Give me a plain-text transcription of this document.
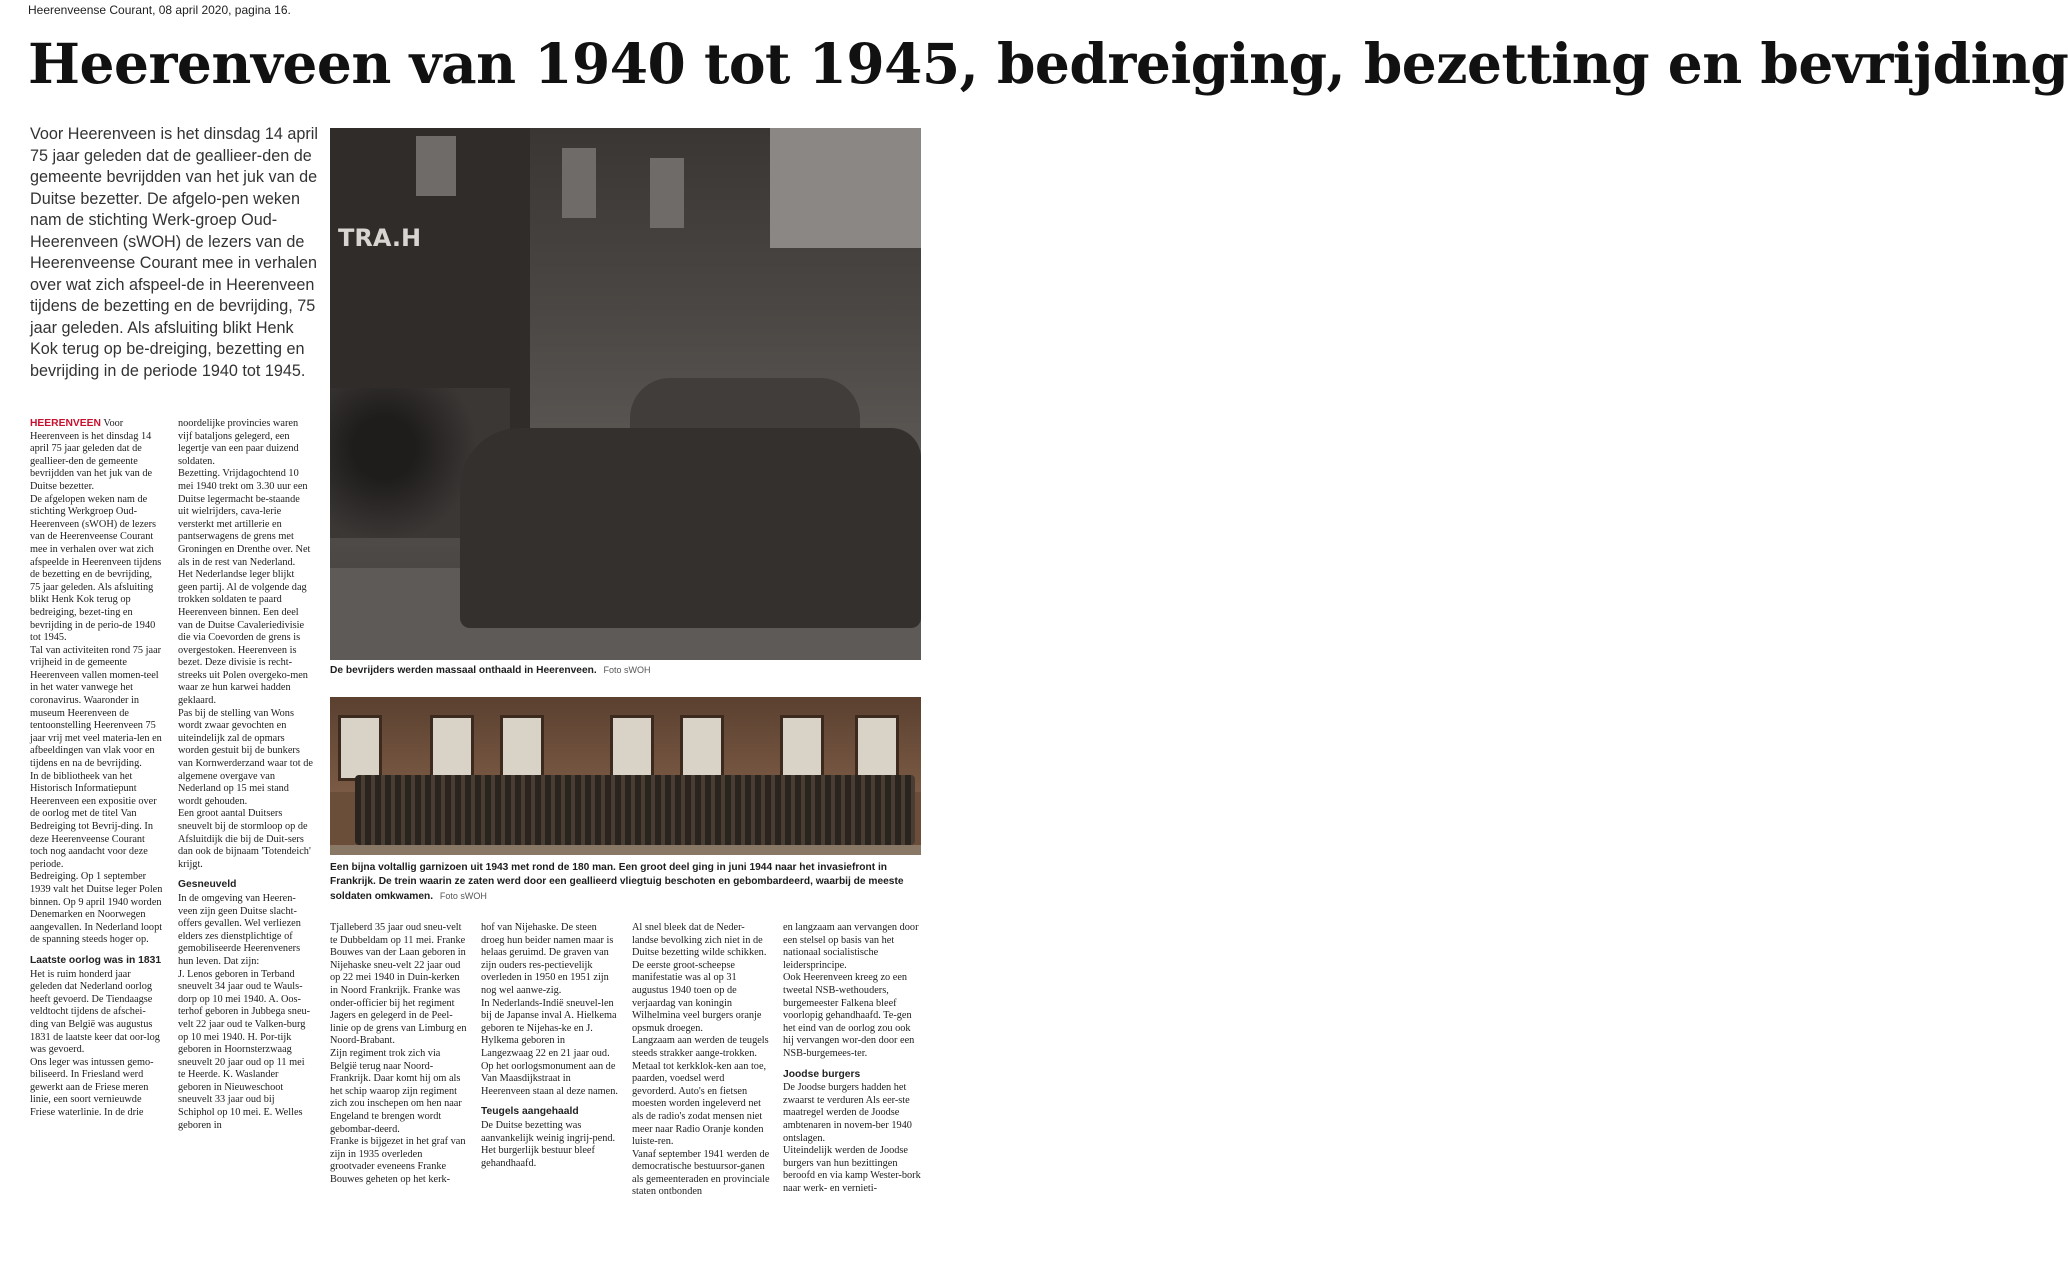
Heerenveense Courant, 08 april 2020, pagina 16.
Heerenveen van 1940 tot 1945, bedreiging, bezetting en bevrijding

Voor Heerenveen is het dinsdag 14 april 75 jaar geleden dat de geallieer-den de gemeente bevrijdden van het juk van de Duitse bezetter. De afgelo-pen weken nam de stichting Werk-groep Oud-Heerenveen (sWOH) de lezers van de Heerenveense Courant mee in verhalen over wat zich afspeel-de in Heerenveen tijdens de bezetting en de bevrijding, 75 jaar geleden. Als afsluiting blikt Henk Kok terug op be-dreiging, bezetting en bevrijding in de periode 1940 tot 1945.

TRA.H
De bevrijders werden massaal onthaald in Heerenveen. Foto sWOH

Een bijna voltallig garnizoen uit 1943 met rond de 180 man. Een groot deel ging in juni 1944 naar het invasiefront in Frankrijk. De trein waarin ze zaten werd door een geallieerd vliegtuig beschoten en gebombardeerd, waarbij de meeste soldaten omkwamen. Foto sWOH

HEERENVEEN Voor Heerenveen is het dinsdag 14 april 75 jaar geleden dat de geallieer-den de gemeente bevrijdden van het juk van de Duitse bezetter.

De afgelopen weken nam de stichting Werkgroep Oud-Heerenveen (sWOH) de lezers van de Heerenveense Courant mee in verhalen over wat zich afspeelde in Heerenveen tijdens de bezetting en de bevrijding, 75 jaar geleden. Als afsluiting blikt Henk Kok terug op bedreiging, bezet-ting en bevrijding in de perio-de 1940 tot 1945.

Tal van activiteiten rond 75 jaar vrijheid in de gemeente Heerenveen vallen momen-teel in het water vanwege het coronavirus. Waaronder in museum Heerenveen de tentoonstelling Heerenveen 75 jaar vrij met veel materia-len en afbeeldingen van vlak voor en tijdens en na de bevrijding.

In de bibliotheek van het Historisch Informatiepunt Heerenveen een expositie over de oorlog met de titel Van Bedreiging tot Bevrij-ding. In deze Heerenveense Courant toch nog aandacht voor deze periode.

Bedreiging. Op 1 september 1939 valt het Duitse leger Polen binnen. Op 9 april 1940 worden Denemarken en Noorwegen aangevallen. In Nederland loopt de spanning steeds hoger op.

Laatste oorlog was in 1831

Het is ruim honderd jaar geleden dat Nederland oorlog heeft gevoerd. De Tiendaagse veldtocht tijdens de afschei-ding van België was augustus 1831 de laatste keer dat oor-log was gevoerd.

Ons leger was intussen gemo-biliseerd. In Friesland werd gewerkt aan de Friese meren linie, een soort vernieuwde Friese waterlinie. In de drie

noordelijke provincies waren vijf bataljons gelegerd, een legertje van een paar duizend soldaten.

Bezetting. Vrijdagochtend 10 mei 1940 trekt om 3.30 uur een Duitse legermacht be-staande uit wielrijders, cava-lerie versterkt met artillerie en pantserwagens de grens met Groningen en Drenthe over. Net als in de rest van Nederland.

Het Nederlandse leger blijkt geen partij. Al de volgende dag trokken soldaten te paard Heerenveen binnen. Een deel van de Duitse Cavaleriedivisie die via Coevorden de grens is overgestoken. Heerenveen is bezet. Deze divisie is recht-streeks uit Polen overgeko-men waar ze hun karwei hadden geklaard.

Pas bij de stelling van Wons wordt zwaar gevochten en uiteindelijk zal de opmars worden gestuit bij de bunkers van Kornwerderzand waar tot de algemene overgave van Nederland op 15 mei stand wordt gehouden.

Een groot aantal Duitsers sneuvelt bij de stormloop op de Afsluitdijk die bij de Duit-sers dan ook de bijnaam 'Totendeich' krijgt.

Gesneuveld

In de omgeving van Heeren-veen zijn geen Duitse slacht-offers gevallen. Wel verliezen elders zes dienstplichtige of gemobiliseerde Heerenveners hun leven. Dat zijn:

J. Lenos geboren in Terband sneuvelt 34 jaar oud te Wauls-dorp op 10 mei 1940. A. Oos-terhof geboren in Jubbega sneu-velt 22 jaar oud te Valken-burg op 10 mei 1940. H. Por-tijk geboren in Hoornsterzwaag sneuvelt 20 jaar oud op 11 mei te Heerde. K. Waslander geboren in Nieuweschoot sneuvelt 33 jaar oud bij Schiphol op 10 mei. E. Welles geboren in

Tjalleberd 35 jaar oud sneu-velt te Dubbeldam op 11 mei. Franke Bouwes van der Laan geboren in Nijehaske sneu-velt 22 jaar oud op 22 mei 1940 in Duin-kerken in Noord Frankrijk. Franke was onder-officier bij het regiment Jagers en gelegerd in de Peel-linie op de grens van Limburg en Noord-Brabant.

Zijn regiment trok zich via België terug naar Noord-Frankrijk. Daar komt hij om als het schip waarop zijn regiment zich zou inschepen om hen naar Engeland te brengen wordt gebombar-deerd.

Franke is bijgezet in het graf van zijn in 1935 overleden grootvader eveneens Franke Bouwes geheten op het kerk-

hof van Nijehaske. De steen droeg hun beider namen maar is helaas geruimd. De graven van zijn ouders res-pectievelijk overleden in 1950 en 1951 zijn nog wel aanwe-zig.

In Nederlands-Indië sneuvel-len bij de Japanse inval A. Hielkema geboren te Nijehas-ke en J. Hylkema geboren in Langezwaag 22 en 21 jaar oud.

Op het oorlogsmonument aan de Van Maasdijkstraat in Heerenveen staan al deze namen.

Teugels aangehaald

De Duitse bezetting was aanvankelijk weinig ingrij-pend. Het burgerlijk bestuur bleef gehandhaafd.

Al snel bleek dat de Neder-landse bevolking zich niet in de Duitse bezetting wilde schikken. De eerste groot-scheepse manifestatie was al op 31 augustus 1940 toen op de verjaardag van koningin Wilhelmina veel burgers oranje opsmuk droegen.

Langzaam aan werden de teugels steeds strakker aange-trokken. Metaal tot kerkklok-ken aan toe, paarden, voedsel werd gevorderd. Auto's en fietsen moesten worden ingeleverd net als de radio's zodat mensen niet meer naar Radio Oranje konden luiste-ren.

Vanaf september 1941 werden de democratische bestuursor-ganen als gemeenteraden en provinciale staten ontbonden

en langzaam aan vervangen door een stelsel op basis van het nationaal socialistische leidersprincipe.

Ook Heerenveen kreeg zo een tweetal NSB-wethouders, burgemeester Falkena bleef voorlopig gehandhaafd. Te-gen het eind van de oorlog zou ook hij vervangen wor-den door een NSB-burgemees-ter.

Joodse burgers

De Joodse burgers hadden het zwaarst te verduren Als eer-ste maatregel werden de Joodse ambtenaren in novem-ber 1940 ontslagen.

Uiteindelijk werden de Joodse burgers van hun bezittingen beroofd en via kamp Wester-bork naar werk- en vernieti-
